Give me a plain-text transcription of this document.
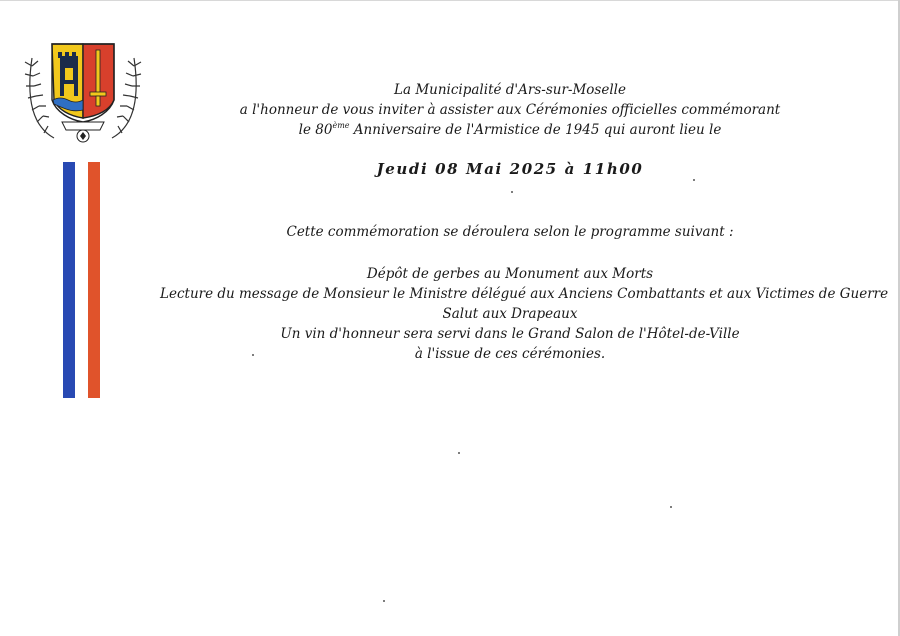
La Municipalité d'Ars-sur-Moselle
a l'honneur de vous inviter à assister aux Cérémonies officielles commémorant
le 80ème Anniversaire de l'Armistice de 1945 qui auront lieu le
Jeudi 08 Mai 2025 à 11h00
Cette commémoration se déroulera selon le programme suivant :
Dépôt de gerbes au Monument aux Morts
Lecture du message de Monsieur le Ministre délégué aux Anciens Combattants et aux Victimes de Guerre
Salut aux Drapeaux
Un vin d'honneur sera servi dans le Grand Salon de l'Hôtel-de-Ville
à l'issue de ces cérémonies.
